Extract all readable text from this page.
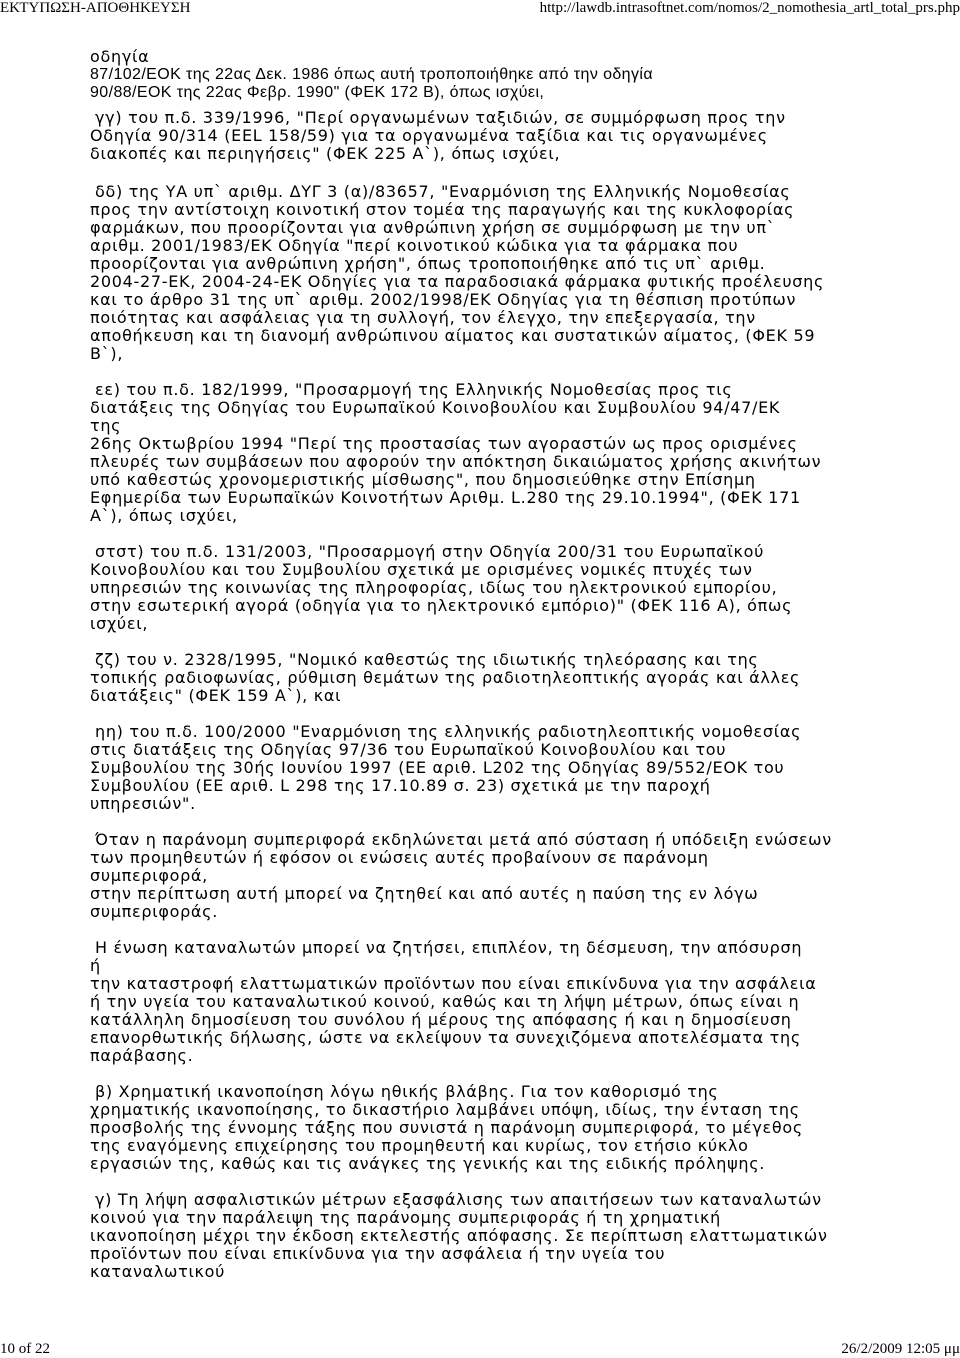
ΕΚΤΥΠΩΣΗ-ΑΠΟΘΗΚΕΥΣΗ	http://lawdb.intrasoftnet.com/nomos/2_nomothesia_artl_total_prs.php
οδηγία
87/102/ΕΟΚ της 22ας Δεκ. 1986 όπως αυτή τροποποιήθηκε από την οδηγία
90/88/ΕΟΚ της 22ας Φεβρ. 1990" (ΦΕΚ 172 Β), όπως ισχύει,
γγ) του π.δ. 339/1996, "Περί οργανωμένων ταξιδιών, σε συμμόρφωση προς την
Οδηγία 90/314 (EEL 158/59) για τα οργανωμένα ταξίδια και τις οργανωμένες
διακοπές και περιηγήσεις" (ΦΕΚ 225 Α`), όπως ισχύει,
δδ) της ΥΑ υπ` αριθμ. ΔΥΓ 3 (α)/83657, "Εναρμόνιση της Ελληνικής Νομοθεσίας
προς την αντίστοιχη κοινοτική στον τομέα της παραγωγής και της κυκλοφορίας
φαρμάκων, που προορίζονται για ανθρώπινη χρήση σε συμμόρφωση με την υπ`
αριθμ. 2001/1983/ΕΚ Οδηγία "περί κοινοτικού κώδικα για τα φάρμακα που
προορίζονται για ανθρώπινη χρήση", όπως τροποποιήθηκε από τις υπ` αριθμ.
2004-27-ΕΚ, 2004-24-ΕΚ Οδηγίες για τα παραδοσιακά φάρμακα φυτικής προέλευσης
και το άρθρο 31 της υπ` αριθμ. 2002/1998/ΕΚ Οδηγίας για τη θέσπιση προτύπων
ποιότητας και ασφάλειας για τη συλλογή, τον έλεγχο, την επεξεργασία, την
αποθήκευση και τη διανομή ανθρώπινου αίματος και συστατικών αίματος, (ΦΕΚ 59
Β`),
εε) του π.δ. 182/1999, "Προσαρμογή της Ελληνικής Νομοθεσίας προς τις
διατάξεις της Οδηγίας του Ευρωπαϊκού Κοινοβουλίου και Συμβουλίου 94/47/ΕΚ
της
26ης Οκτωβρίου 1994 "Περί της προστασίας των αγοραστών ως προς ορισμένες
πλευρές των συμβάσεων που αφορούν την απόκτηση δικαιώματος χρήσης ακινήτων
υπό καθεστώς χρονομεριστικής μίσθωσης", που δημοσιεύθηκε στην Επίσημη
Εφημερίδα των Ευρωπαϊκών Κοινοτήτων Αριθμ. L.280 της 29.10.1994", (ΦΕΚ 171
Α`), όπως ισχύει,
στστ) του π.δ. 131/2003, "Προσαρμογή στην Οδηγία 200/31 του Ευρωπαϊκού
Κοινοβουλίου και του Συμβουλίου σχετικά με ορισμένες νομικές πτυχές των
υπηρεσιών της κοινωνίας της πληροφορίας, ιδίως του ηλεκτρονικού εμπορίου,
στην εσωτερική αγορά (οδηγία για το ηλεκτρονικό εμπόριο)" (ΦΕΚ 116 Α), όπως
ισχύει,
ζζ) του ν. 2328/1995, "Νομικό καθεστώς της ιδιωτικής τηλεόρασης και της
τοπικής ραδιοφωνίας, ρύθμιση θεμάτων της ραδιοτηλεοπτικής αγοράς και άλλες
διατάξεις" (ΦΕΚ 159 Α`), και
ηη) του π.δ. 100/2000 "Εναρμόνιση της ελληνικής ραδιοτηλεοπτικής νομοθεσίας
στις διατάξεις της Οδηγίας 97/36 του Ευρωπαϊκού Κοινοβουλίου και του
Συμβουλίου της 30ής Ιουνίου 1997 (ΕΕ αριθ. L202 της Οδηγίας 89/552/ΕΟΚ του
Συμβουλίου (ΕΕ αριθ. L 298 της 17.10.89 σ. 23) σχετικά με την παροχή
υπηρεσιών".
Όταν η παράνομη συμπεριφορά εκδηλώνεται μετά από σύσταση ή υπόδειξη ενώσεων
των προμηθευτών ή εφόσον οι ενώσεις αυτές προβαίνουν σε παράνομη
συμπεριφορά,
στην περίπτωση αυτή μπορεί να ζητηθεί και από αυτές η παύση της εν λόγω
συμπεριφοράς.
Η ένωση καταναλωτών μπορεί να ζητήσει, επιπλέον, τη δέσμευση, την απόσυρση
ή
την καταστροφή ελαττωματικών προϊόντων που είναι επικίνδυνα για την ασφάλεια
ή την υγεία του καταναλωτικού κοινού, καθώς και τη λήψη μέτρων, όπως είναι η
κατάλληλη δημοσίευση του συνόλου ή μέρους της απόφασης ή και η δημοσίευση
επανορθωτικής δήλωσης, ώστε να εκλείψουν τα συνεχιζόμενα αποτελέσματα της
παράβασης.
β) Χρηματική ικανοποίηση λόγω ηθικής βλάβης. Για τον καθορισμό της
χρηματικής ικανοποίησης, το δικαστήριο λαμβάνει υπόψη, ιδίως, την ένταση της
προσβολής της έννομης τάξης που συνιστά η παράνομη συμπεριφορά, το μέγεθος
της εναγόμενης επιχείρησης του προμηθευτή και κυρίως, τον ετήσιο κύκλο
εργασιών της, καθώς και τις ανάγκες της γενικής και της ειδικής πρόληψης.
γ) Τη λήψη ασφαλιστικών μέτρων εξασφάλισης των απαιτήσεων των καταναλωτών
κοινού για την παράλειψη της παράνομης συμπεριφοράς ή τη χρηματική
ικανοποίηση μέχρι την έκδοση εκτελεστής απόφασης. Σε περίπτωση ελαττωματικών
προϊόντων που είναι επικίνδυνα για την ασφάλεια ή την υγεία του
καταναλωτικού
10 of 22	26/2/2009 12:05 μμ
